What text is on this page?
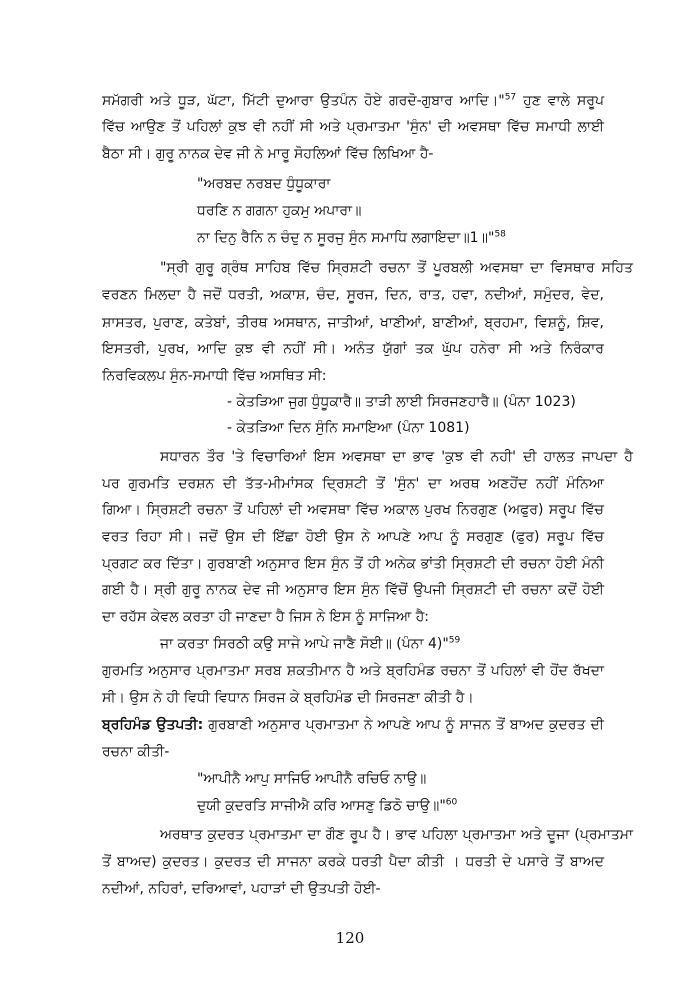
120
ਸਮੱਗਰੀ ਅਤੇ ਧੂੜ, ਘੱਟਾ, ਮਿੱਟੀ ਦੁਆਰਾ ਉਤਪੰਨ ਹੋਏ ਗਰਦੋ-ਗੁਬਾਰ ਆਦਿ।"$^{57}$ ਹੁਣ ਵਾਲੇ ਸਰੂਪ
ਵਿੱਚ ਆਉਣ ਤੋਂ ਪਹਿਲਾਂ ਕੁਝ ਵੀ ਨਹੀਂ ਸੀ ਅਤੇ ਪ੍ਰਮਾਤਮਾ 'ਸੁੰਨ' ਦੀ ਅਵਸਥਾ ਵਿੱਚ ਸਮਾਧੀ ਲਾਈ
ਬੈਠਾ ਸੀ। ਗੁਰੂ ਨਾਨਕ ਦੇਵ ਜੀ ਨੇ ਮਾਰੂ ਸੋਹਲਿਆਂ ਵਿੱਚ ਲਿਖਿਆ ਹੈ-
"ਅਰਬਦ ਨਰਬਦ ਧੁੰਧੂਕਾਰਾ
ਧਰਣਿ ਨ ਗਗਨਾ ਹੁਕਮੁ ਅਪਾਰਾ॥
ਨਾ ਦਿਨੁ ਰੈਨਿ ਨ ਚੰਦੁ ਨ ਸੂਰਜੁ ਸੁੰਨ ਸਮਾਧਿ ਲਗਾਇਦਾ॥1॥"$^{58}$
"ਸ੍ਰੀ ਗੁਰੂ ਗ੍ਰੰਥ ਸਾਹਿਬ ਵਿੱਚ ਸ੍ਰਿਸ਼ਟੀ ਰਚਨਾ ਤੋਂ ਪੂਰਬਲੀ ਅਵਸਥਾ ਦਾ ਵਿਸਥਾਰ ਸਹਿਤ
ਵਰਣਨ ਮਿਲਦਾ ਹੈ ਜਦੋਂ ਧਰਤੀ, ਅਕਾਸ਼, ਚੰਦ, ਸੂਰਜ, ਦਿਨ, ਰਾਤ, ਹਵਾ, ਨਦੀਆਂ, ਸਮੁੰਦਰ, ਵੇਦ,
ਸ਼ਾਸਤਰ, ਪੁਰਾਣ, ਕਤੇਬਾਂ, ਤੀਰਥ ਅਸਥਾਨ, ਜਾਤੀਆਂ, ਖਾਣੀਆਂ, ਬਾਣੀਆਂ, ਬ੍ਰਹਮਾ, ਵਿਸ਼ਨੂੰ, ਸ਼ਿਵ,
ਇਸਤਰੀ, ਪੁਰਖ, ਆਦਿ ਕੁਝ ਵੀ ਨਹੀਂ ਸੀ। ਅਨੰਤ ਯੁੱਗਾਂ ਤਕ ਘੁੱਪ ਹਨੇਰਾ ਸੀ ਅਤੇ ਨਿਰੰਕਾਰ
ਨਿਰਵਿਕਲਪ ਸੁੰਨ-ਸਮਾਧੀ ਵਿੱਚ ਅਸਥਿਤ ਸੀ:
- ਕੇਤੜਿਆ ਜੁਗ ਧੁੰਧੂਕਾਰੈ॥ ਤਾੜੀ ਲਾਈ ਸਿਰਜਣਹਾਰੈ॥ (ਪੰਨਾ 1023)
- ਕੇਤੜਿਆ ਦਿਨ ਸੁੰਨਿ ਸਮਾਇਆ (ਪੰਨਾ 1081)
ਸਧਾਰਨ ਤੌਰ 'ਤੇ ਵਿਚਾਰਿਆਂ ਇਸ ਅਵਸਥਾ ਦਾ ਭਾਵ 'ਕੁਝ ਵੀ ਨਹੀ' ਦੀ ਹਾਲਤ ਜਾਪਦਾ ਹੈ
ਪਰ ਗੁਰਮਤਿ ਦਰਸ਼ਨ ਦੀ ਤੱਤ-ਮੀਮਾਂਸਕ ਦ੍ਰਿਸ਼ਟੀ ਤੋਂ 'ਸੁੰਨ' ਦਾ ਅਰਥ ਅਣਹੋਂਦ ਨਹੀਂ ਮੰਨਿਆ
ਗਿਆ। ਸ੍ਰਿਸ਼ਟੀ ਰਚਨਾ ਤੋਂ ਪਹਿਲਾਂ ਦੀ ਅਵਸਥਾ ਵਿੱਚ ਅਕਾਲ ਪੁਰਖ ਨਿਰਗੁਣ (ਅਫੁਰ) ਸਰੂਪ ਵਿੱਚ
ਵਰਤ ਰਿਹਾ ਸੀ। ਜਦੋਂ ਉਸ ਦੀ ਇੱਛਾ ਹੋਈ ਉਸ ਨੇ ਆਪਣੇ ਆਪ ਨੂੰ ਸਰਗੁਣ (ਫੁਰ) ਸਰੂਪ ਵਿੱਚ
ਪ੍ਰਗਟ ਕਰ ਦਿੱਤਾ। ਗੁਰਬਾਣੀ ਅਨੁਸਾਰ ਇਸ ਸੁੰਨ ਤੋਂ ਹੀ ਅਨੇਕ ਭਾਂਤੀ ਸ੍ਰਿਸ਼ਟੀ ਦੀ ਰਚਨਾ ਹੋਈ ਮੰਨੀ
ਗਈ ਹੈ। ਸ੍ਰੀ ਗੁਰੂ ਨਾਨਕ ਦੇਵ ਜੀ ਅਨੁਸਾਰ ਇਸ ਸੁੰਨ ਵਿੱਚੋਂ ਉਪਜੀ ਸ੍ਰਿਸ਼ਟੀ ਦੀ ਰਚਨਾ ਕਦੋਂ ਹੋਈ
ਦਾ ਰਹੱਸ ਕੇਵਲ ਕਰਤਾ ਹੀ ਜਾਣਦਾ ਹੈ ਜਿਸ ਨੇ ਇਸ ਨੂੰ ਸਾਜਿਆ ਹੈ:
ਜਾ ਕਰਤਾ ਸਿਰਠੀ ਕਉ ਸਾਜੇ ਆਪੇ ਜਾਣੈ ਸੋਈ॥ (ਪੰਨਾ 4)"$^{59}$
ਗੁਰਮਤਿ ਅਨੁਸਾਰ ਪ੍ਰਮਾਤਮਾ ਸਰਬ ਸ਼ਕਤੀਮਾਨ ਹੈ ਅਤੇ ਬ੍ਰਹਿਮੰਡ ਰਚਨਾ ਤੋਂ ਪਹਿਲਾਂ ਵੀ ਹੋਂਦ ਰੱਖਦਾ
ਸੀ। ਉਸ ਨੇ ਹੀ ਵਿਧੀ ਵਿਧਾਨ ਸਿਰਜ ਕੇ ਬ੍ਰਹਿਮੰਡ ਦੀ ਸਿਰਜਣਾ ਕੀਤੀ ਹੈ।
ਬ੍ਰਹਿਮੰਡ ਉਤਪਤੀ: ਗੁਰਬਾਣੀ ਅਨੁਸਾਰ ਪ੍ਰਮਾਤਮਾ ਨੇ ਆਪਣੇ ਆਪ ਨੂੰ ਸਾਜਨ ਤੋਂ ਬਾਅਦ ਕੁਦਰਤ ਦੀ
ਰਚਨਾ ਕੀਤੀ-
"ਆਪੀਨੈ ਆਪੁ ਸਾਜਿਓ ਆਪੀਨੈ ਰਚਿਓ ਨਾਉ॥
ਦੁਯੀ ਕੁਦਰਤਿ ਸਾਜੀਐ ਕਰਿ ਆਸਣੁ ਡਿਠੋ ਚਾਉ॥"$^{60}$
ਅਰਥਾਤ ਕੁਦਰਤ ਪ੍ਰਮਾਤਮਾ ਦਾ ਗੌਣ ਰੂਪ ਹੈ। ਭਾਵ ਪਹਿਲਾ ਪ੍ਰਮਾਤਮਾ ਅਤੇ ਦੂਜਾ (ਪ੍ਰਮਾਤਮਾ
ਤੋਂ ਬਾਅਦ) ਕੁਦਰਤ। ਕੁਦਰਤ ਦੀ ਸਾਜਨਾ ਕਰਕੇ ਧਰਤੀ ਪੈਦਾ ਕੀਤੀ । ਧਰਤੀ ਦੇ ਪਸਾਰੇ ਤੋਂ ਬਾਅਦ
ਨਦੀਆਂ, ਨਹਿਰਾਂ, ਦਰਿਆਵਾਂ, ਪਹਾੜਾਂ ਦੀ ਉਤਪਤੀ ਹੋਈ-
